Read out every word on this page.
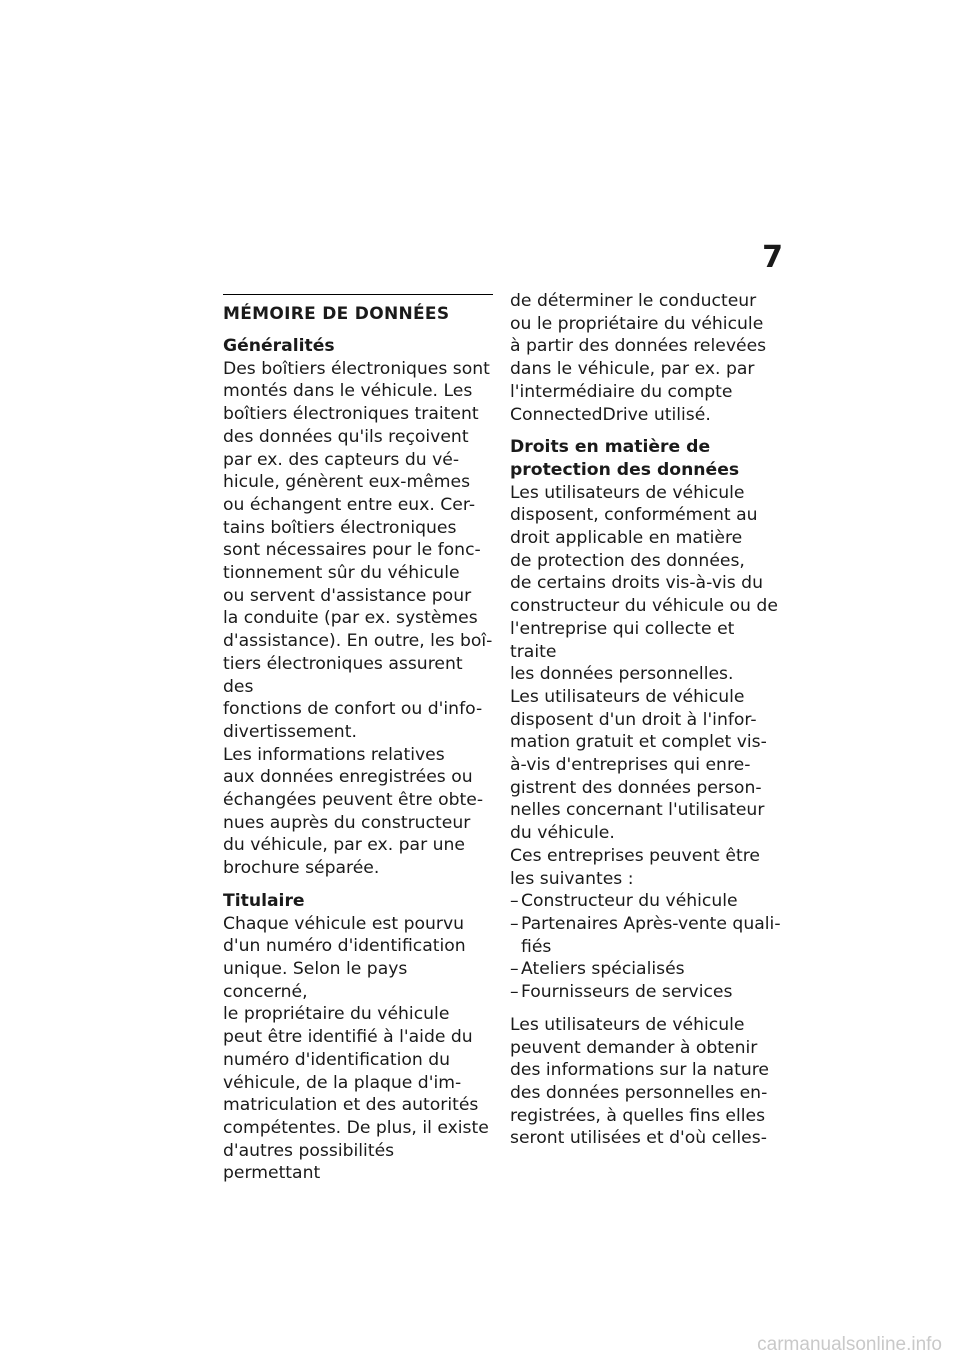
7
MÉMOIRE DE DONNÉES
Généralités

Des boîtiers électroniques sont
montés dans le véhicule. Les
boîtiers électroniques traitent
des données qu'ils reçoivent
par ex. des capteurs du vé-
hicule, génèrent eux-mêmes
ou échangent entre eux. Cer-
tains boîtiers électroniques
sont nécessaires pour le fonc-
tionnement sûr du véhicule
ou servent d'assistance pour
la conduite (par ex. systèmes
d'assistance). En outre, les boî-
tiers électroniques assurent des
fonctions de confort ou d'info-
divertissement.

Les informations relatives
aux données enregistrées ou
échangées peuvent être obte-
nues auprès du constructeur
du véhicule, par ex. par une
brochure séparée.

Titulaire

Chaque véhicule est pourvu
d'un numéro d'identification
unique. Selon le pays concerné,
le propriétaire du véhicule
peut être identifié à l'aide du
numéro d'identification du
véhicule, de la plaque d'im-
matriculation et des autorités
compétentes. De plus, il existe
d'autres possibilités permettant

de déterminer le conducteur
ou le propriétaire du véhicule
à partir des données relevées
dans le véhicule, par ex. par
l'intermédiaire du compte
ConnectedDrive utilisé.

Droits en matière de
protection des données

Les utilisateurs de véhicule
disposent, conformément au
droit applicable en matière
de protection des données,
de certains droits vis-à-vis du
constructeur du véhicule ou de
l'entreprise qui collecte et traite
les données personnelles.

Les utilisateurs de véhicule
disposent d'un droit à l'infor-
mation gratuit et complet vis-
à-vis d'entreprises qui enre-
gistrent des données person-
nelles concernant l'utilisateur
du véhicule.

Ces entreprises peuvent être
les suivantes :

– Constructeur du véhicule
– Partenaires Après-vente quali-
fiés
– Ateliers spécialisés
– Fournisseurs de services

Les utilisateurs de véhicule
peuvent demander à obtenir
des informations sur la nature
des données personnelles en-
registrées, à quelles fins elles
seront utilisées et d'où celles-

carmanualsonline.info
